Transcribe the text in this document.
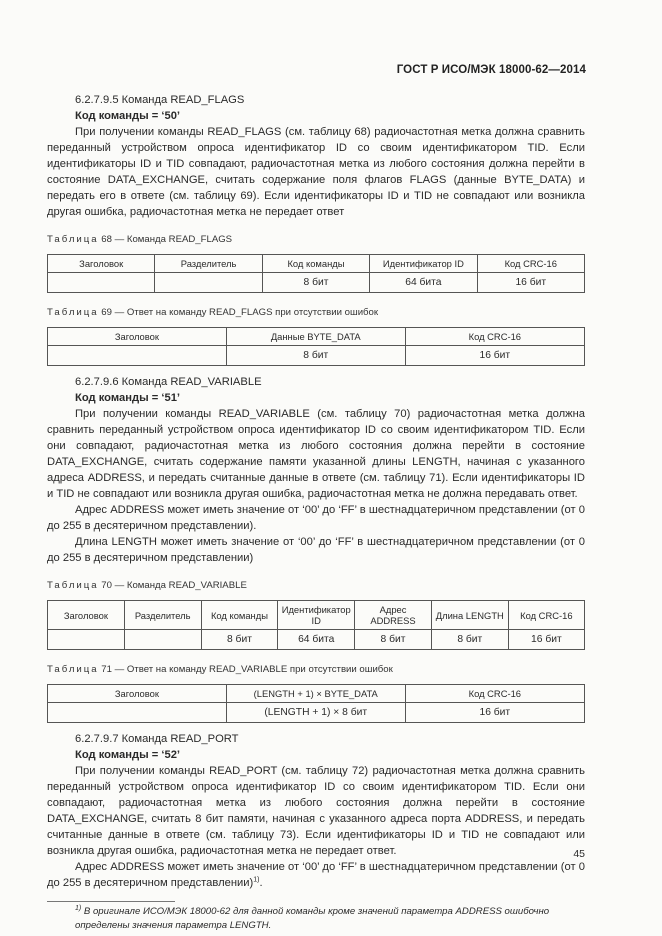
ГОСТ Р ИСО/МЭК 18000-62—2014
6.2.7.9.5 Команда READ_FLAGS
Код команды = ‘50’
При получении команды READ_FLAGS (см. таблицу 68) радиочастотная метка должна сравнить переданный устройством опроса идентификатор ID со своим идентификатором TID. Если идентификаторы ID и TID совпадают, радиочастотная метка из любого состояния должна перейти в состояние DATA_EXCHANGE, считать содержание поля флагов FLAGS (данные BYTE_DATA) и передать его в ответе (см. таблицу 69). Если идентификаторы ID и TID не совпадают или возникла другая ошибка, радиочастотная метка не передает ответ
Таблица 68 — Команда READ_FLAGS
Заголовок	Разделитель	Код команды	Идентификатор ID	Код CRC-16
		8 бит	64 бита	16 бит
Таблица 69 — Ответ на команду READ_FLAGS при отсутствии ошибок
Заголовок	Данные BYTE_DATA	Код CRC-16
	8 бит	16 бит
6.2.7.9.6 Команда READ_VARIABLE
Код команды = ‘51’
При получении команды READ_VARIABLE (см. таблицу 70) радиочастотная метка должна сравнить переданный устройством опроса идентификатор ID со своим идентификатором TID. Если они совпадают, радиочастотная метка из любого состояния должна перейти в состояние DATA_EXCHANGE, считать содержание памяти указанной длины LENGTH, начиная с указанного адреса ADDRESS, и передать считанные данные в ответе (см. таблицу 71). Если идентификаторы ID и TID не совпадают или возникла другая ошибка, радиочастотная метка не должна передавать ответ.
Адрес ADDRESS может иметь значение от ‘00’ до ‘FF’ в шестнадцатеричном представлении (от 0 до 255 в десятеричном представлении).
Длина LENGTH может иметь значение от ‘00’ до ‘FF’ в шестнадцатеричном представлении (от 0 до 255 в десятеричном представлении)
Таблица 70 — Команда READ_VARIABLE
Заголовок	Разделитель	Код команды	Идентификатор ID	Адрес ADDRESS	Длина LENGTH	Код CRC-16
		8 бит	64 бита	8 бит	8 бит	16 бит
Таблица 71 — Ответ на команду READ_VARIABLE при отсутствии ошибок
Заголовок	(LENGTH + 1) × BYTE_DATA	Код CRC-16
	(LENGTH + 1) × 8 бит	16 бит
6.2.7.9.7 Команда READ_PORT
Код команды = ‘52’
При получении команды READ_PORT (см. таблицу 72) радиочастотная метка должна сравнить переданный устройством опроса идентификатор ID со своим идентификатором TID. Если они совпадают, радиочастотная метка из любого состояния должна перейти в состояние DATA_EXCHANGE, считать 8 бит памяти, начиная с указанного адреса порта ADDRESS, и передать считанные данные в ответе (см. таблицу 73). Если идентификаторы ID и TID не совпадают или возникла другая ошибка, радиочастотная метка не передает ответ.
Адрес ADDRESS может иметь значение от ‘00’ до ‘FF’ в шестнадцатеричном представлении (от 0 до 255 в десятеричном представлении)$^{1)}$.
$^{1)}$ В оригинале ИСО/МЭК 18000-62 для данной команды кроме значений параметра ADDRESS ошибочно определены значения параметра LENGTH.
45
